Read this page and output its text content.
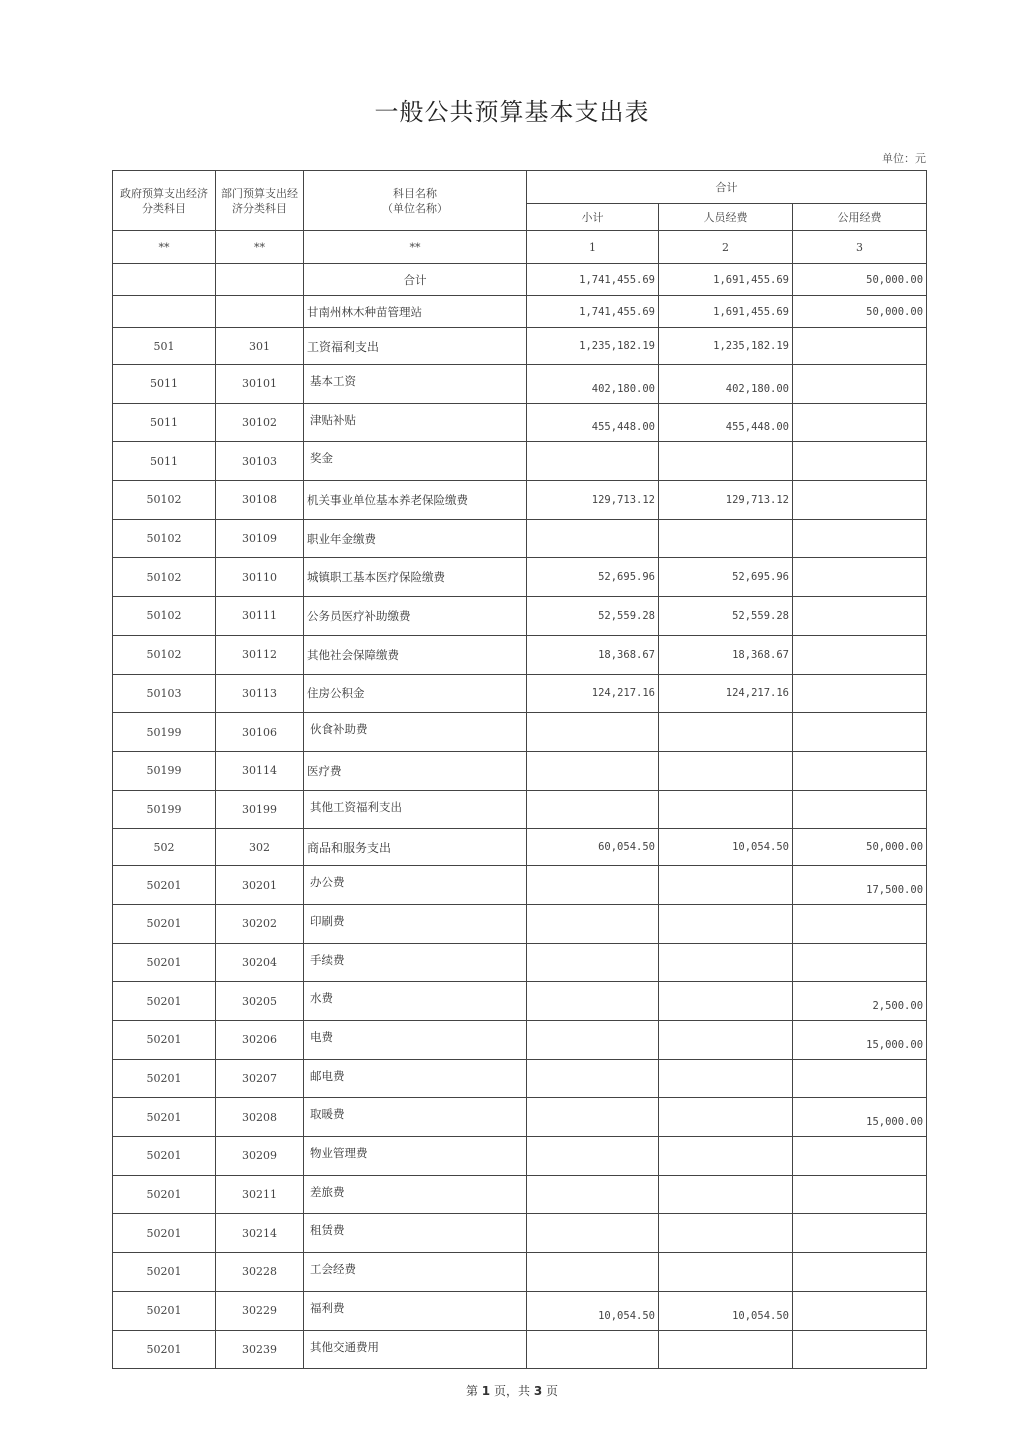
一般公共预算基本支出表
单位：元
政府预算支出经济分类科目	部门预算支出经济分类科目	科目名称
（单位名称）	合计		
			小计	人员经费	公用经费
**	**	**	1	2	3
		合计	1,741,455.69	1,691,455.69	50,000.00
		甘南州林木种苗管理站	1,741,455.69	1,691,455.69	50,000.00
501	301	工资福利支出	1,235,182.19	1,235,182.19	
5011	30101	基本工资	402,180.00	402,180.00	
5011	30102	津贴补贴	455,448.00	455,448.00	
5011	30103	奖金			
50102	30108	机关事业单位基本养老保险缴费	129,713.12	129,713.12	
50102	30109	职业年金缴费			
50102	30110	城镇职工基本医疗保险缴费	52,695.96	52,695.96	
50102	30111	公务员医疗补助缴费	52,559.28	52,559.28	
50102	30112	其他社会保障缴费	18,368.67	18,368.67	
50103	30113	住房公积金	124,217.16	124,217.16	
50199	30106	伙食补助费			
50199	30114	医疗费			
50199	30199	其他工资福利支出			
502	302	商品和服务支出	60,054.50	10,054.50	50,000.00
50201	30201	办公费			17,500.00
50201	30202	印刷费			
50201	30204	手续费			
50201	30205	水费			2,500.00
50201	30206	电费			15,000.00
50201	30207	邮电费			
50201	30208	取暖费			15,000.00
50201	30209	物业管理费			
50201	30211	差旅费			
50201	30214	租赁费			
50201	30228	工会经费			
50201	30229	福利费	10,054.50	10,054.50	
50201	30239	其他交通费用			
第 1 页，共 3 页
